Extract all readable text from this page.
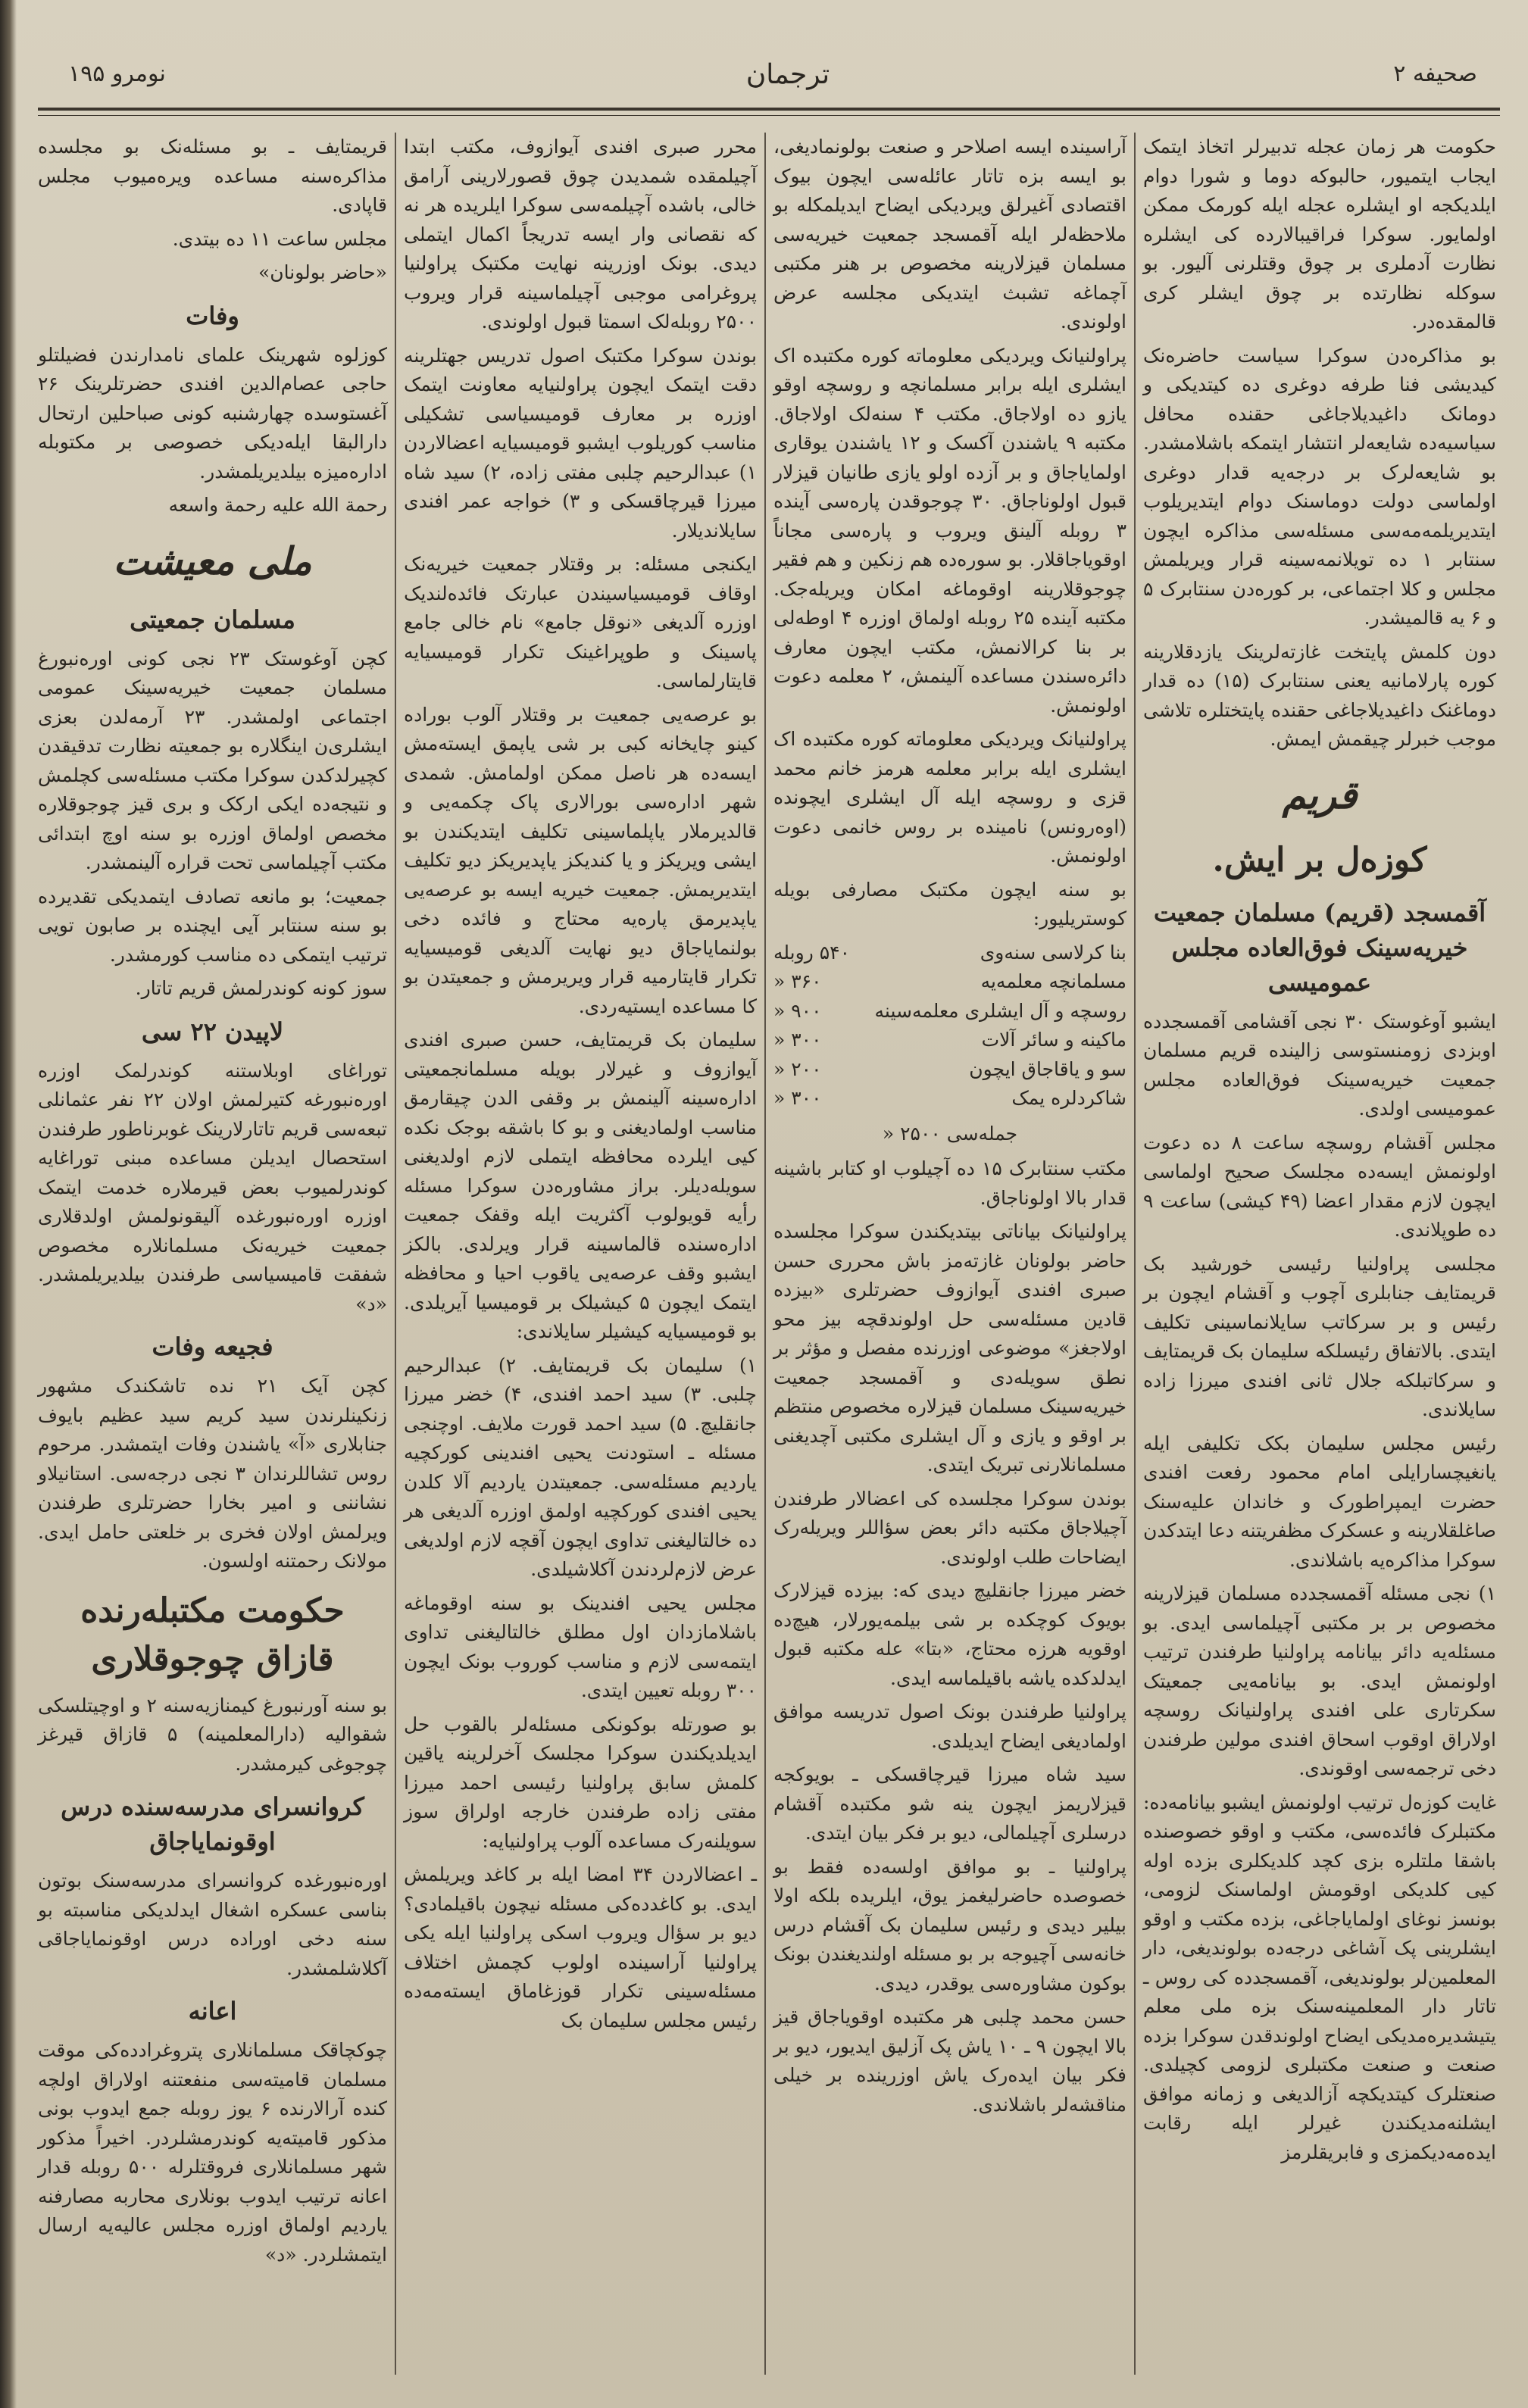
صحیفه ۲
ترجمان
نومرو ۱۹۵

حکومت هر زمان عجله تدبیرلر اتخاذ ایتمک ایجاب ایتمیور، حالبوکه دوما و شورا دوام ایلدیکجه او ایشلره عجله ایله کورمک ممکن اولمایور. سوکرا فراقیبالارده کی ایشلره نظارت آدملری بر چوق وقتلرنی آلیور. بو سوکله نظارتده بر چوق ایشلر کری قالمقده‌در.

بو مذاکره‌دن سوکرا سیاست حاضره‌نک کیدیشی فنا طرفه دوغری ده کیتدیکی و دومانک داغیدیلاجاغی حقنده محافل سیاسیه‌ده شایعه‌لر انتشار ایتمکه باشلامشدر. بو شایعه‌لرک بر درجه‌یه قدار دوغری اولماسی دولت دوماسنک دوام ایتدیریلوب ایتدیریلمه‌مه‌سی مسئله‌سی مذاکره ایچون سنتابر ۱ ده تویلانمه‌سینه قرار ویریلمش مجلس و کلا اجتماعی، بر کوره‌دن سنتابرک ۵ و ۶ یه قالمیشدر.

دون کلمش پایتخت غازته‌لرینک یازدقلارینه کوره پارلامانیه یعنی سنتابرک (۱۵) ده قدار دوماغنک داغیدیلاجاغی حقنده پایتختلره تلاشی موجب خبرلر چیقمش ایمش.

قریم
کوزه‌ل بر ایش.
آقمسجد (قریم) مسلمان جمعیت خیریه‌سینک فوق‌العاده مجلس عمومیسی

ایشبو آوغوستک ۳۰ نجی آقشامی آقمسجدده اوبزدی زومنستوسی زالینده قریم مسلمان جمعیت خیریه‌سینک فوق‌العاده مجلس عمومیسی اولدی.

مجلس آقشام روسچه ساعت ۸ ده دعوت اولونمش ایسه‌ده مجلسک صحیح اولماسی ایچون لازم مقدار اعضا (۴۹ کیشی) ساعت ۹ ده طوپلاندی.

مجلسی پراولنیا رئیسی خورشید بک قریمتایف جنابلری آچوب و آقشام ایچون بر رئیس و بر سرکاتب سایلانماسینی تکلیف ایتدی. بالاتفاق رئیسلکه سلیمان بک قریمتایف و سرکاتبلکه جلال ثانی افندی میرزا زاده سایلاندی.

رئیس مجلس سلیمان بکک تکلیفی ایله یانغیچسارایلی امام محمود رفعت افندی حضرت ایمپراطورک و خاندان علیه‌سنک صاغلقلارینه و عسکرک مظفریتنه دعا ایتدکدن سوکرا مذاکره‌یه باشلاندی.

۱) نجی مسئله آقمسجدده مسلمان قیزلارینه مخصوص بر بر مکتبی آچیلماسی ایدی. بو مسئله‌یه دائر بیانامه پراولنیا طرفندن ترتیب اولونمش ایدی. بو بیانامه‌یی جمعیتک سکرتاری علی افندی پراولنیانک روسچه اولاراق اوقوب اسحاق افندی مولین طرفندن دخی ترجمه‌سی اوقوندی.

غایت کوزه‌ل ترتیب اولونمش ایشبو بیانامه‌ده: مکتبلرک فائده‌سی، مکتب و اوقو خصوصنده باشقا ملتلره بزی کچد کلدیکلری بزده اوله کیی کلدیکی اوقومش اولماسنک لزومی، بونسز نوغای اولمایاجاغی، بزده مکتب و اوقو ایشلرینی پک آشاغی درجه‌ده بولوندیغی، دار المعلمین‌لر بولوندیغی، آقمسجدده کی روس ـ تاتار دار المعلمینه‌سنک بزه ملی معلم یتیشدیره‌مدیکی ایضاح اولوندقدن سوکرا بزده صنعت و صنعت مکتبلری لزومی کچیلدی. صنعتلرک کیتدیکچه آزالدیغی و زمانه موافق ایشلنه‌مدیکندن غیرلر ایله رقابت ایده‌مه‌دیکمزی و فابریقلرمز

آراسینده ایسه اصلاحر و صنعت بولونمادیغی، بو ایسه بزه تاتار عائله‌سی ایچون بیوک اقتصادی آغیرلق ویردیکی ایضاح ایدیلمکله بو ملاحظه‌لر ایله آقمسجد جمعیت خیریه‌سی مسلمان قیزلارینه مخصوص بر هنر مکتبی آچماغه تشبث ایتدیکی مجلسه عرض اولوندی.

پراولنیانک ویردیکی معلوماته کوره مکتبده اک ایشلری ایله برابر مسلمانچه و روسچه اوقو یازو ده اولاجاق. مکتب ۴ سنه‌لک اولاجاق. مکتبه ۹ یاشندن آکسک و ۱۲ یاشندن یوقاری اولمایاجاق و بر آزده اولو یازی طانیان قیزلار قبول اولوناجاق. ۳۰ چوجوقدن پاره‌سی آینده ۳ روبله آلینق ویروب و پاره‌سی مجاناً اوقویاجاقلار. بو سوره‌ده هم زنکین و هم فقیر چوجوقلارینه اوقوماغه امکان ویریله‌جک. مکتبه آینده ۲۵ روبله اولماق اوزره ۴ اوطه‌لی بر بنا کرالانمش، مکتب ایچون معارف دائره‌سندن مساعده آلینمش، ۲ معلمه دعوت اولونمش.

پراولنیانک ویردیکی معلوماته کوره مکتبده اک ایشلری ایله برابر معلمه هرمز خانم محمد قزی و روسچه ایله آل ایشلری ایچونده (اوه‌رونس) نامینده بر روس خانمی دعوت اولونمش.

بو سنه ایچون مکتبک مصارفی بویله کوستریلیور:

بنا کرلاسی سنه‌وی
۵۴۰ روبله
مسلمانچه معلمه‌یه
۳۶۰ «
روسچه و آل ایشلری معلمه‌سینه
۹۰۰ «
ماکینه و سائر آلات
۳۰۰ «
سو و یاقاجاق ایچون
۲۰۰ «
شاکردلره یمک
۳۰۰ «
جمله‌سی ۲۵۰۰ «

مکتب سنتابرک ۱۵ ده آچیلوب او کتابر باشینه قدار بالا اولوناجاق.

پراولنیانک بیاناتی بیتدیکندن سوکرا مجلسده حاضر بولونان غازته‌مز باش محرری حسن صبری افندی آیوازوف حضرتلری «بیزده قادین مسئله‌سی حل اولوندقچه بیز محو اولاجغز» موضوعی اوزرنده مفصل و مؤثر بر نطق سویله‌دی و آقمسجد جمعیت خیریه‌سینک مسلمان قیزلاره مخصوص منتظم بر اوقو و یازی و آل ایشلری مکتبی آچدیغنی مسلمانلارنی تبریک ایتدی.

بوندن سوکرا مجلسده کی اعضالار طرفندن آچیلاجاق مکتبه دائر بعض سؤاللر ویریله‌رک ایضاحات طلب اولوندی.

خضر میرزا جانقلیچ دیدی که: بیزده قیزلارک بویوک کوچکده بر شی بیلمه‌یورلار، هیچ‌ده اوقویه هرزه محتاج، «بتا» عله مکتبه قبول ایدلدکده یاشه باقیلماسه ایدی.

پراولنیا طرفندن بونک اصول تدریسه موافق اولمادیغی ایضاح ایدیلدی.

سید شاه میرزا قیرچاقسکی ـ بویوکجه قیزلاریمز ایچون ینه شو مکتبده آقشام درسلری آچیلمالی، دیو بر فکر بیان ایتدی.

پراولنیا ـ بو موافق اولسه‌ده فقط بو خصوصده حاضرلیغمز یوق، ایلریده بلکه اولا بیلیر دیدی و رئیس سلیمان بک آقشام درس خانه‌سی آچیوجه بر بو مسئله اولندیغندن بونک بوکون مشاوره‌سی یوقدر، دیدی.

حسن محمد چلبی هر مکتبده اوقویاجاق قیز بالا ایچون ۹ ـ ۱۰ یاش پک آزلیق ایدیور، دیو بر فکر بیان ایده‌رک یاش اوزرینده بر خیلی مناقشه‌لر باشلاندی.

محرر صبری افندی آیوازوف، مکتب ابتدا آچیلمقده شمدیدن چوق قصورلارینی آرامق خالی، باشده آچیلمه‌سی سوکرا ایلریده هر نه که نقصانی وار ایسه تدریجاً اکمال ایتملی دیدی. بونک اوزرینه نهایت مکتبک پراولنیا پروغرامی موجبی آچیلماسینه قرار ویروب ۲۵۰۰ روبله‌لک اسمتا قبول اولوندی.

بوندن سوکرا مکتبک اصول تدریس جهتلرینه دقت ایتمک ایچون پراولنیایه معاونت ایتمک اوزره بر معارف قومیسیاسی تشکیلی مناسب کوریلوب ایشبو قومیسیایه اعضالاردن ۱) عبدالرحیم چلبی مفتی زاده، ۲) سید شاه میرزا قیرچاقسکی و ۳) خواجه عمر افندی سایلاندیلار.

ایکنجی مسئله: بر وقتلار جمعیت خیریه‌نک اوقاف قومیسیاسیندن عبارتک فائده‌لندیک اوزره آلدیغی «نوقل جامع» نام خالی جامع پاسینک و طوپراغینک تکرار قومیسیایه قایتارلماسی.

بو عرصه‌یی جمعیت بر وقتلار آلوب بوراده کینو چایخانه کبی بر شی یاپمق ایسته‌مش ایسه‌ده هر ناصل ممکن اولمامش. شمدی شهر اداره‌سی بورالاری پاک چکمه‌یی و قالدیرملار یاپلماسینی تکلیف ایتدیکندن بو ایشی ویریکز و یا کندیکز یاپدیریکز دیو تکلیف ایتدیریمش. جمعیت خیریه ایسه بو عرصه‌یی یاپدیرمق پاره‌یه محتاج و فائده دخی بولنمایاجاق دیو نهایت آلدیغی قومیسیایه تکرار قایتارمیه قرار ویریرمش و جمعیتدن بو کا مساعده ایستیه‌ردی.

سلیمان بک قریمتایف، حسن صبری افندی آیوازوف و غیرلار بویله مسلمانجمعیتی اداره‌سینه آلینمش بر وقفی الدن چیقارمق مناسب اولمادیغنی و بو کا باشقه بوجک نکده کیی ایلرده محافظه ایتملی لازم اولدیغنی سویله‌دیلر. براز مشاوره‌دن سوکرا مسئله رأیه قویولوب آکثریت ایله وقفک جمعیت اداره‌سنده قالماسینه قرار ویرلدی. بالکز ایشبو وقف عرصه‌یی یاقوب احیا و محافظه ایتمک ایچون ۵ کیشیلک بر قومیسیا آیریلدی. بو قومیسیایه کیشیلر سایلاندی:

۱) سلیمان بک قریمتایف. ۲) عبدالرحیم چلبی. ۳) سید احمد افندی، ۴) خضر میرزا جانقلیچ. ۵) سید احمد قورت ملایف. اوچنجی مسئله ـ استودنت یحیی افندینی کورکچیه یاردیم مسئله‌سی. جمعیتدن یاردیم آلا کلدن یحیی افندی کورکچیه اولمق اوزره آلدیغی هر ده خالتالیغنی تداوی ایچون آقچه لازم اولدیغی عرض لازم‌لردندن آکلاشیلدی.

مجلس یحیی افندینک بو سنه اوقوماغه باشلامازدان اول مطلق خالتالیغنی تداوی ایتمه‌سی لازم و مناسب کوروب بونک ایچون ۳۰۰ روبله تعیین ایتدی.

بو صورتله بوکونکی مسئله‌لر بالقوب حل ایدیلدیکندن سوکرا مجلسک آخرلرینه یاقین کلمش سابق پراولنیا رئیسی احمد میرزا مفتی زاده طرفندن خارجه اولراق سوز سویلنه‌رک مساعده آلوب پراولنیایه:

ـ اعضالاردن ۳۴ امضا ایله بر کاغد ویریلمش ایدی. بو کاغدده‌کی مسئله نیچون باقیلمادی؟ دیو بر سؤال ویروب اسکی پراولنیا ایله یکی پراولنیا آراسینده اولوب کچمش اختلاف مسئله‌سینی تکرار قوزغاماق ایسته‌مه‌ده رئیس مجلس سلیمان بک

قریمتایف ـ بو مسئله‌نک بو مجلسده مذاکره‌سنه مساعده ویره‌میوب مجلس قاپادی.

مجلس ساعت ۱۱ ده بیتدی.

«حاضر بولونان»

وفات

کوزلوه شهرینک علمای نامدارندن فضیلتلو حاجی عصام‌الدین افندی حضرتلرینک ۲۶ آغستوسده چهارشنبه کونی صباحلین ارتحال دارالبقا ایله‌دیکی خصوصی بر مکتوبله اداره‌میزه بیلدیریلمشدر.

رحمة الله علیه رحمة واسعه

ملی معیشت
مسلمان جمعیتی

کچن آوغوستک ۲۳ نجی کونی اوره‌نبورغ مسلمان جمعیت خیریه‌سینک عمومی اجتماعی اولمشدر. ۲۳ آرمه‌لدن بعزی ایشلری‌ن اینگلاره بو جمعیته نظارت تدقیقدن کچیرلدکدن سوکرا مکتب مسئله‌سی کچلمش و نتیجه‌ده ایکی ارکک و بری قیز چوجوقلاره مخصص اولماق اوزره بو سنه اوچ ابتدائی مکتب آچیلماسی تحت قراره آلینمشدر.

جمعیت؛ بو مانعه تصادف ایتمدیکی تقدیرده بو سنه سنتابر آیی ایچنده بر صابون تویی ترتیب ایتمکی ده مناسب کورمشدر.

سوز کونه کوندرلمش قریم تاتار.

لاپیدن ۲۲ سی

توراغای اوبلاستنه کوندرلمک اوزره اوره‌نبورغه کتیرلمش اولان ۲۲ نفر عثمانلی تبعه‌سی قریم تاتارلارینک غوبرناطور طرفندن استحصال ایدیلن مساعده مبنی توراغایه کوندرلمیوب بعض قیرملاره خدمت ایتمک اوزره اوره‌نبورغده آلیقونولمش اولدقلاری جمعیت خیریه‌نک مسلمانلاره مخصوص شفقت قامیسیاسی طرفندن بیلدیریلمشدر. «د»

فجیعه وفات

کچن آیک ۲۱ نده تاشکندک مشهور زنکینلرندن سید کریم سید عظیم بایوف جنابلاری «آ» یاشندن وفات ایتمشدر. مرحوم روس تشاللرندان ۳ نجی درجه‌سی. استانیلاو نشاننی و امیر بخارا حضرتلری طرفندن ویرلمش اولان فخری بر خلعتی حامل ایدی. مولانک رحمتنه اولسون.

حکومت مکتبله‌رنده قازاق چوجوقلاری

بو سنه آورنبورغ کیمنازیه‌سنه ۲ و اوچیتلسکی شقوالیه (دارالمعلمینه) ۵ قازاق قیرغز چوجوغی کیرمشدر.

کروانسرای مدرسه‌سنده درس اوقونمایاجاق

اوره‌نبورغده کروانسرای مدرسه‌سنک بوتون بناسی عسکره اشغال ایدلدیکی مناسبته بو سنه دخی اوراده درس اوقونمایاجاقی آکلاشلمشدر.

اعانه

چوکچاقک مسلمانلاری پتروغراد‌ده‌کی موقت مسلمان قامیته‌سی منفعتنه اولاراق اولچه کنده آرالارنده ۶ یوز روبله جمع ایدوب بونی مذکور قامیته‌یه کوندرمشلردر. اخیراً مذکور شهر مسلمانلاری فروقتلرله ۵۰۰ روبله قدار اعانه ترتیب ایدوب بونلاری محاربه مصارفنه یاردیم اولماق اوزره مجلس عالیه‌یه ارسال ایتمشلردر. «د»
